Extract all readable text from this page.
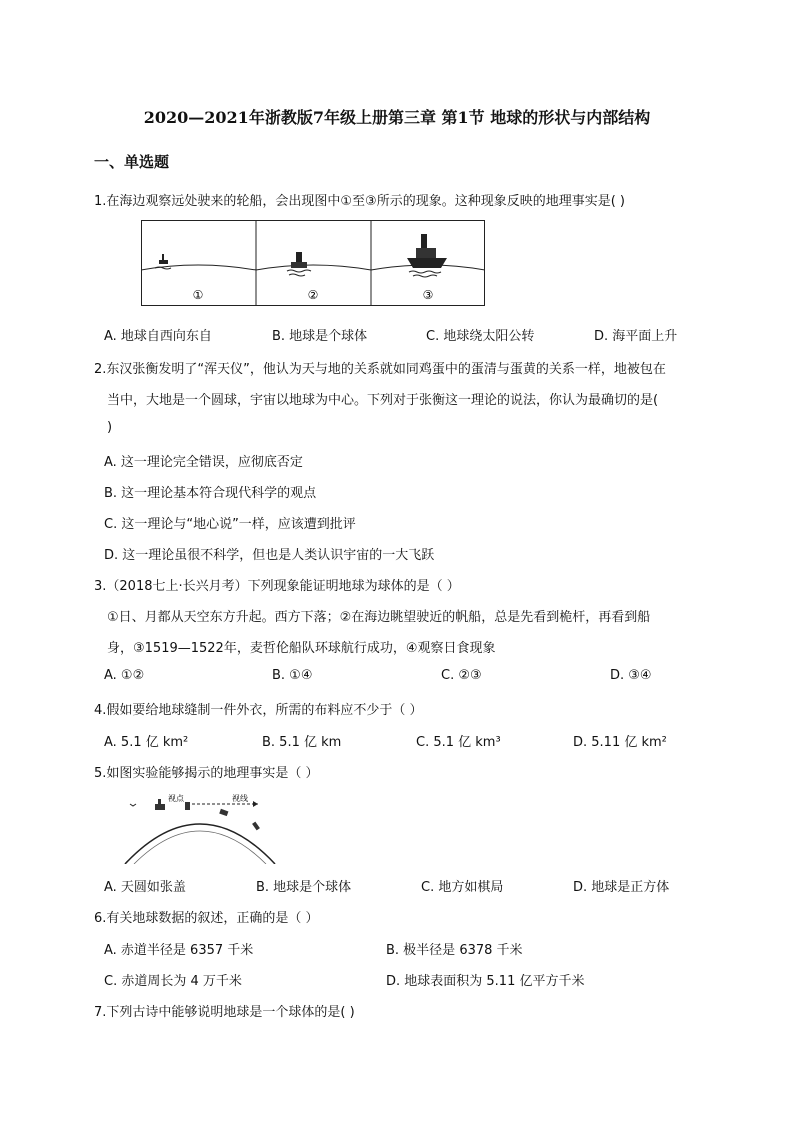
2020—2021年浙教版7年级上册第三章 第1节 地球的形状与内部结构
一、单选题
1.在海边观察远处驶来的轮船，会出现图中①至③所示的现象。这种现象反映的地理事实是( )
①	②	③
A. 地球自西向东自	B. 地球是个球体	C. 地球绕太阳公转	D. 海平面上升
2.东汉张衡发明了“浑天仪”，他认为天与地的关系就如同鸡蛋中的蛋清与蛋黄的关系一样，地被包在
当中，大地是一个圆球，宇宙以地球为中心。下列对于张衡这一理论的说法，你认为最确切的是(
)
A. 这一理论完全错误，应彻底否定
B. 这一理论基本符合现代科学的观点
C. 这一理论与“地心说”一样，应该遭到批评
D. 这一理论虽很不科学，但也是人类认识宇宙的一大飞跃
3.（2018七上·长兴月考）下列现象能证明地球为球体的是（ ）
①日、月都从天空东方升起。西方下落；②在海边眺望驶近的帆船，总是先看到桅杆，再看到船
身，③1519—1522年，麦哲伦船队环球航行成功，④观察日食现象
A. ①②	B. ①④	C. ②③	D. ③④
4.假如要给地球缝制一件外衣，所需的布料应不少于（ ）
A. 5.1 亿 km²	B. 5.1 亿 km	C. 5.1 亿 km³	D. 5.11 亿 km²
5.如图实验能够揭示的地理事实是（ ）
视点	视线
A. 天圆如张盖	B. 地球是个球体	C. 地方如棋局	D. 地球是正方体
6.有关地球数据的叙述，正确的是（ ）
A. 赤道半径是 6357 千米	B. 极半径是 6378 千米
C. 赤道周长为 4 万千米	D. 地球表面积为 5.11 亿平方千米
7.下列古诗中能够说明地球是一个球体的是( )
